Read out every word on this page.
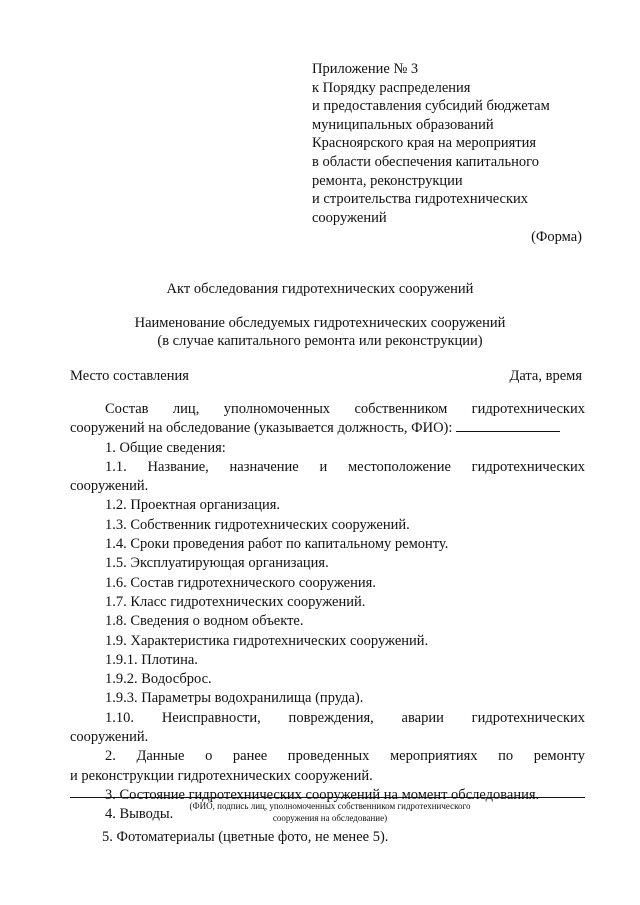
Приложение № 3
к Порядку распределения
и предоставления субсидий бюджетам
муниципальных образований
Красноярского края на мероприятия
в области обеспечения капитального
ремонта, реконструкции
и строительства гидротехнических
сооружений
(Форма)
Акт обследования гидротехнических сооружений
Наименование обследуемых гидротехнических сооружений
(в случае капитального ремонта или реконструкции)
Место составления	Дата, время
Состав лиц, уполномоченных собственником гидротехнических
сооружений на обследование (указывается должность, ФИО):
1. Общие сведения:
1.1. Название, назначение и местоположение гидротехнических
сооружений.
1.2. Проектная организация.
1.3. Собственник гидротехнических сооружений.
1.4. Сроки проведения работ по капитальному ремонту.
1.5. Эксплуатирующая организация.
1.6. Состав гидротехнического сооружения.
1.7. Класс гидротехнических сооружений.
1.8. Сведения о водном объекте.
1.9. Характеристика гидротехнических сооружений.
1.9.1. Плотина.
1.9.2. Водосброс.
1.9.3. Параметры водохранилища (пруда).
1.10. Неисправности, повреждения, аварии гидротехнических
сооружений.
2. Данные о ранее проведенных мероприятиях по ремонту
и реконструкции гидротехнических сооружений.
3. Состояние гидротехнических сооружений на момент обследования.
4. Выводы.
(ФИО, подпись лиц, уполномоченных собственником гидротехнического
сооружения на обследование)
5. Фотоматериалы (цветные фото, не менее 5).
